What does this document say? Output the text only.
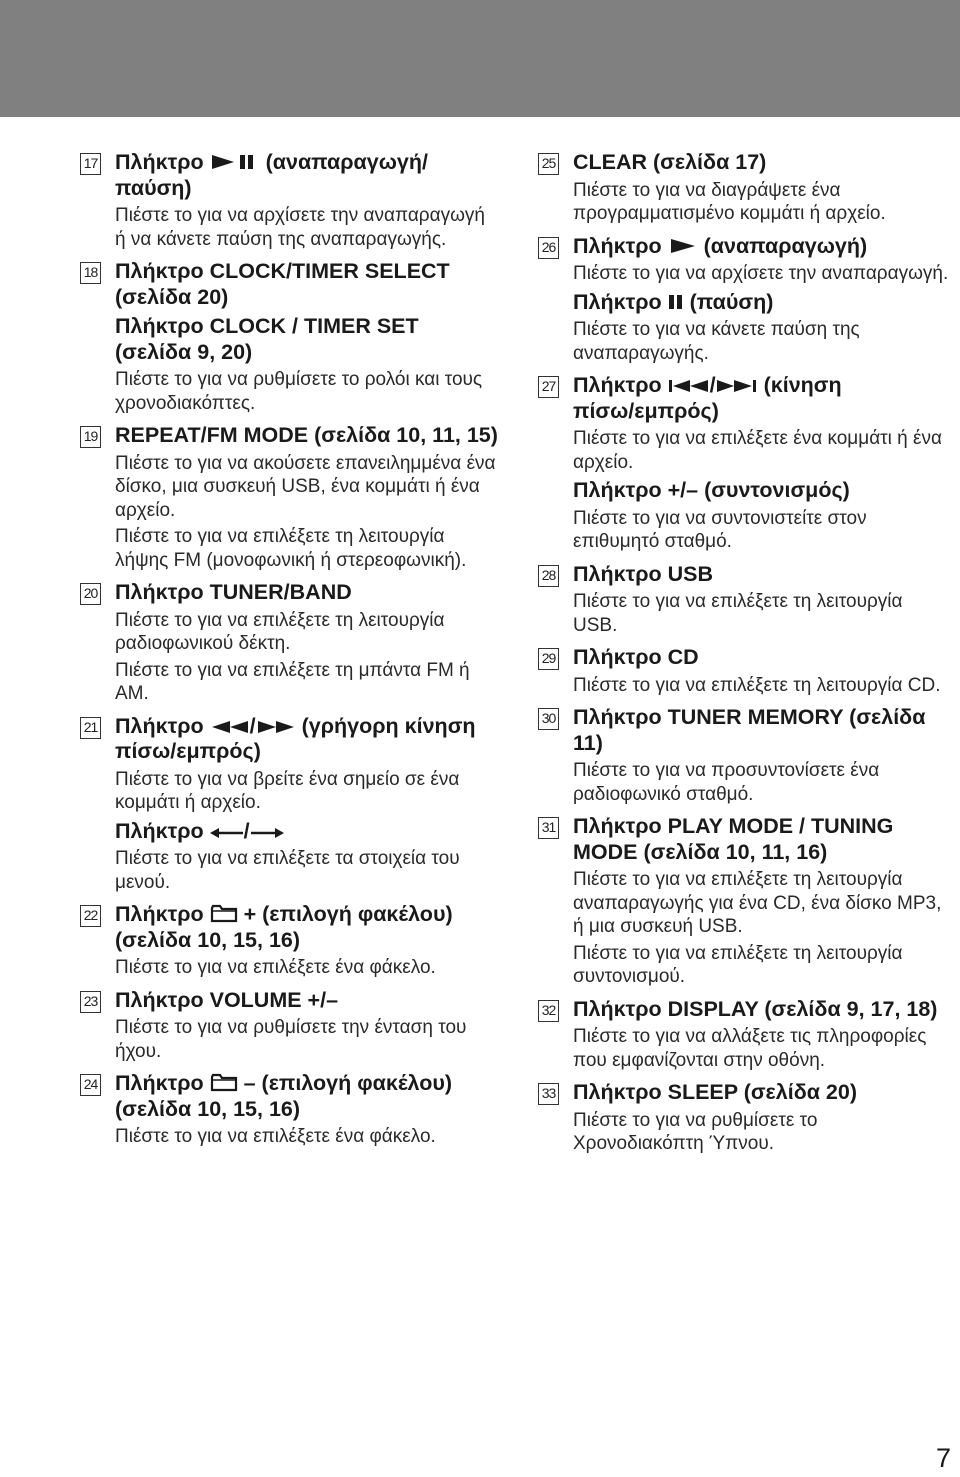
17 Πλήκτρο	(αναπαραγωγή/
παύση)
Πιέστε το για να αρχίσετε την αναπαραγωγή ή να κάνετε παύση της αναπαραγωγής.
18 Πλήκτρο CLOCK/TIMER SELECT (σελίδα 20)
Πλήκτρο CLOCK / TIMER SET (σελίδα 9, 20)
Πιέστε το για να ρυθμίσετε το ρολόι και τους χρονοδιακόπτες.
19 REPEAT/FM MODE (σελίδα 10, 11, 15)
Πιέστε το για να ακούσετε επανειλημμένα ένα δίσκο, μια συσκευή USB, ένα κομμάτι ή ένα αρχείο.
Πιέστε το για να επιλέξετε τη λειτουργία λήψης FM (μονοφωνική ή στερεοφωνική).
20 Πλήκτρο TUNER/BAND
Πιέστε το για να επιλέξετε τη λειτουργία ραδιοφωνικού δέκτη.
Πιέστε το για να επιλέξετε τη μπάντα FM ή AM.
21 Πλήκτρο / (γρήγορη κίνηση
πίσω/εμπρός)
Πιέστε το για να βρείτε ένα σημείο σε ένα κομμάτι ή αρχείο.
Πλήκτρο /
Πιέστε το για να επιλέξετε τα στοιχεία του μενού.
22 Πλήκτρο + (επιλογή φακέλου)
(σελίδα 10, 15, 16)
Πιέστε το για να επιλέξετε ένα φάκελο.
23 Πλήκτρο VOLUME +/–
Πιέστε το για να ρυθμίσετε την ένταση του ήχου.
24 Πλήκτρο – (επιλογή φακέλου)
(σελίδα 10, 15, 16)
Πιέστε το για να επιλέξετε ένα φάκελο.
25 CLEAR (σελίδα 17)
Πιέστε το για να διαγράψετε ένα προγραμματισμένο κομμάτι ή αρχείο.
26 Πλήκτρο (αναπαραγωγή)
Πιέστε το για να αρχίσετε την αναπαραγωγή.
Πλήκτρο (παύση)
Πιέστε το για να κάνετε παύση της αναπαραγωγής.
27 Πλήκτρο / (κίνηση
πίσω/εμπρός)
Πιέστε το για να επιλέξετε ένα κομμάτι ή ένα αρχείο.
Πλήκτρο +/– (συντονισμός)
Πιέστε το για να συντονιστείτε στον επιθυμητό σταθμό.
28 Πλήκτρο USB
Πιέστε το για να επιλέξετε τη λειτουργία USB.
29 Πλήκτρο CD
Πιέστε το για να επιλέξετε τη λειτουργία CD.
30 Πλήκτρο TUNER MEMORY (σελίδα 11)
Πιέστε το για να προσυντονίσετε ένα ραδιοφωνικό σταθμό.
31 Πλήκτρο PLAY MODE / TUNING MODE (σελίδα 10, 11, 16)
Πιέστε το για να επιλέξετε τη λειτουργία αναπαραγωγής για ένα CD, ένα δίσκο MP3, ή μια συσκευή USB.
Πιέστε το για να επιλέξετε τη λειτουργία συντονισμού.
32 Πλήκτρο DISPLAY (σελίδα 9, 17, 18)
Πιέστε το για να αλλάξετε τις πληροφορίες που εμφανίζονται στην οθόνη.
33 Πλήκτρο SLEEP (σελίδα 20)
Πιέστε το για να ρυθμίσετε το Χρονοδιακόπτη Ύπνου.
7
